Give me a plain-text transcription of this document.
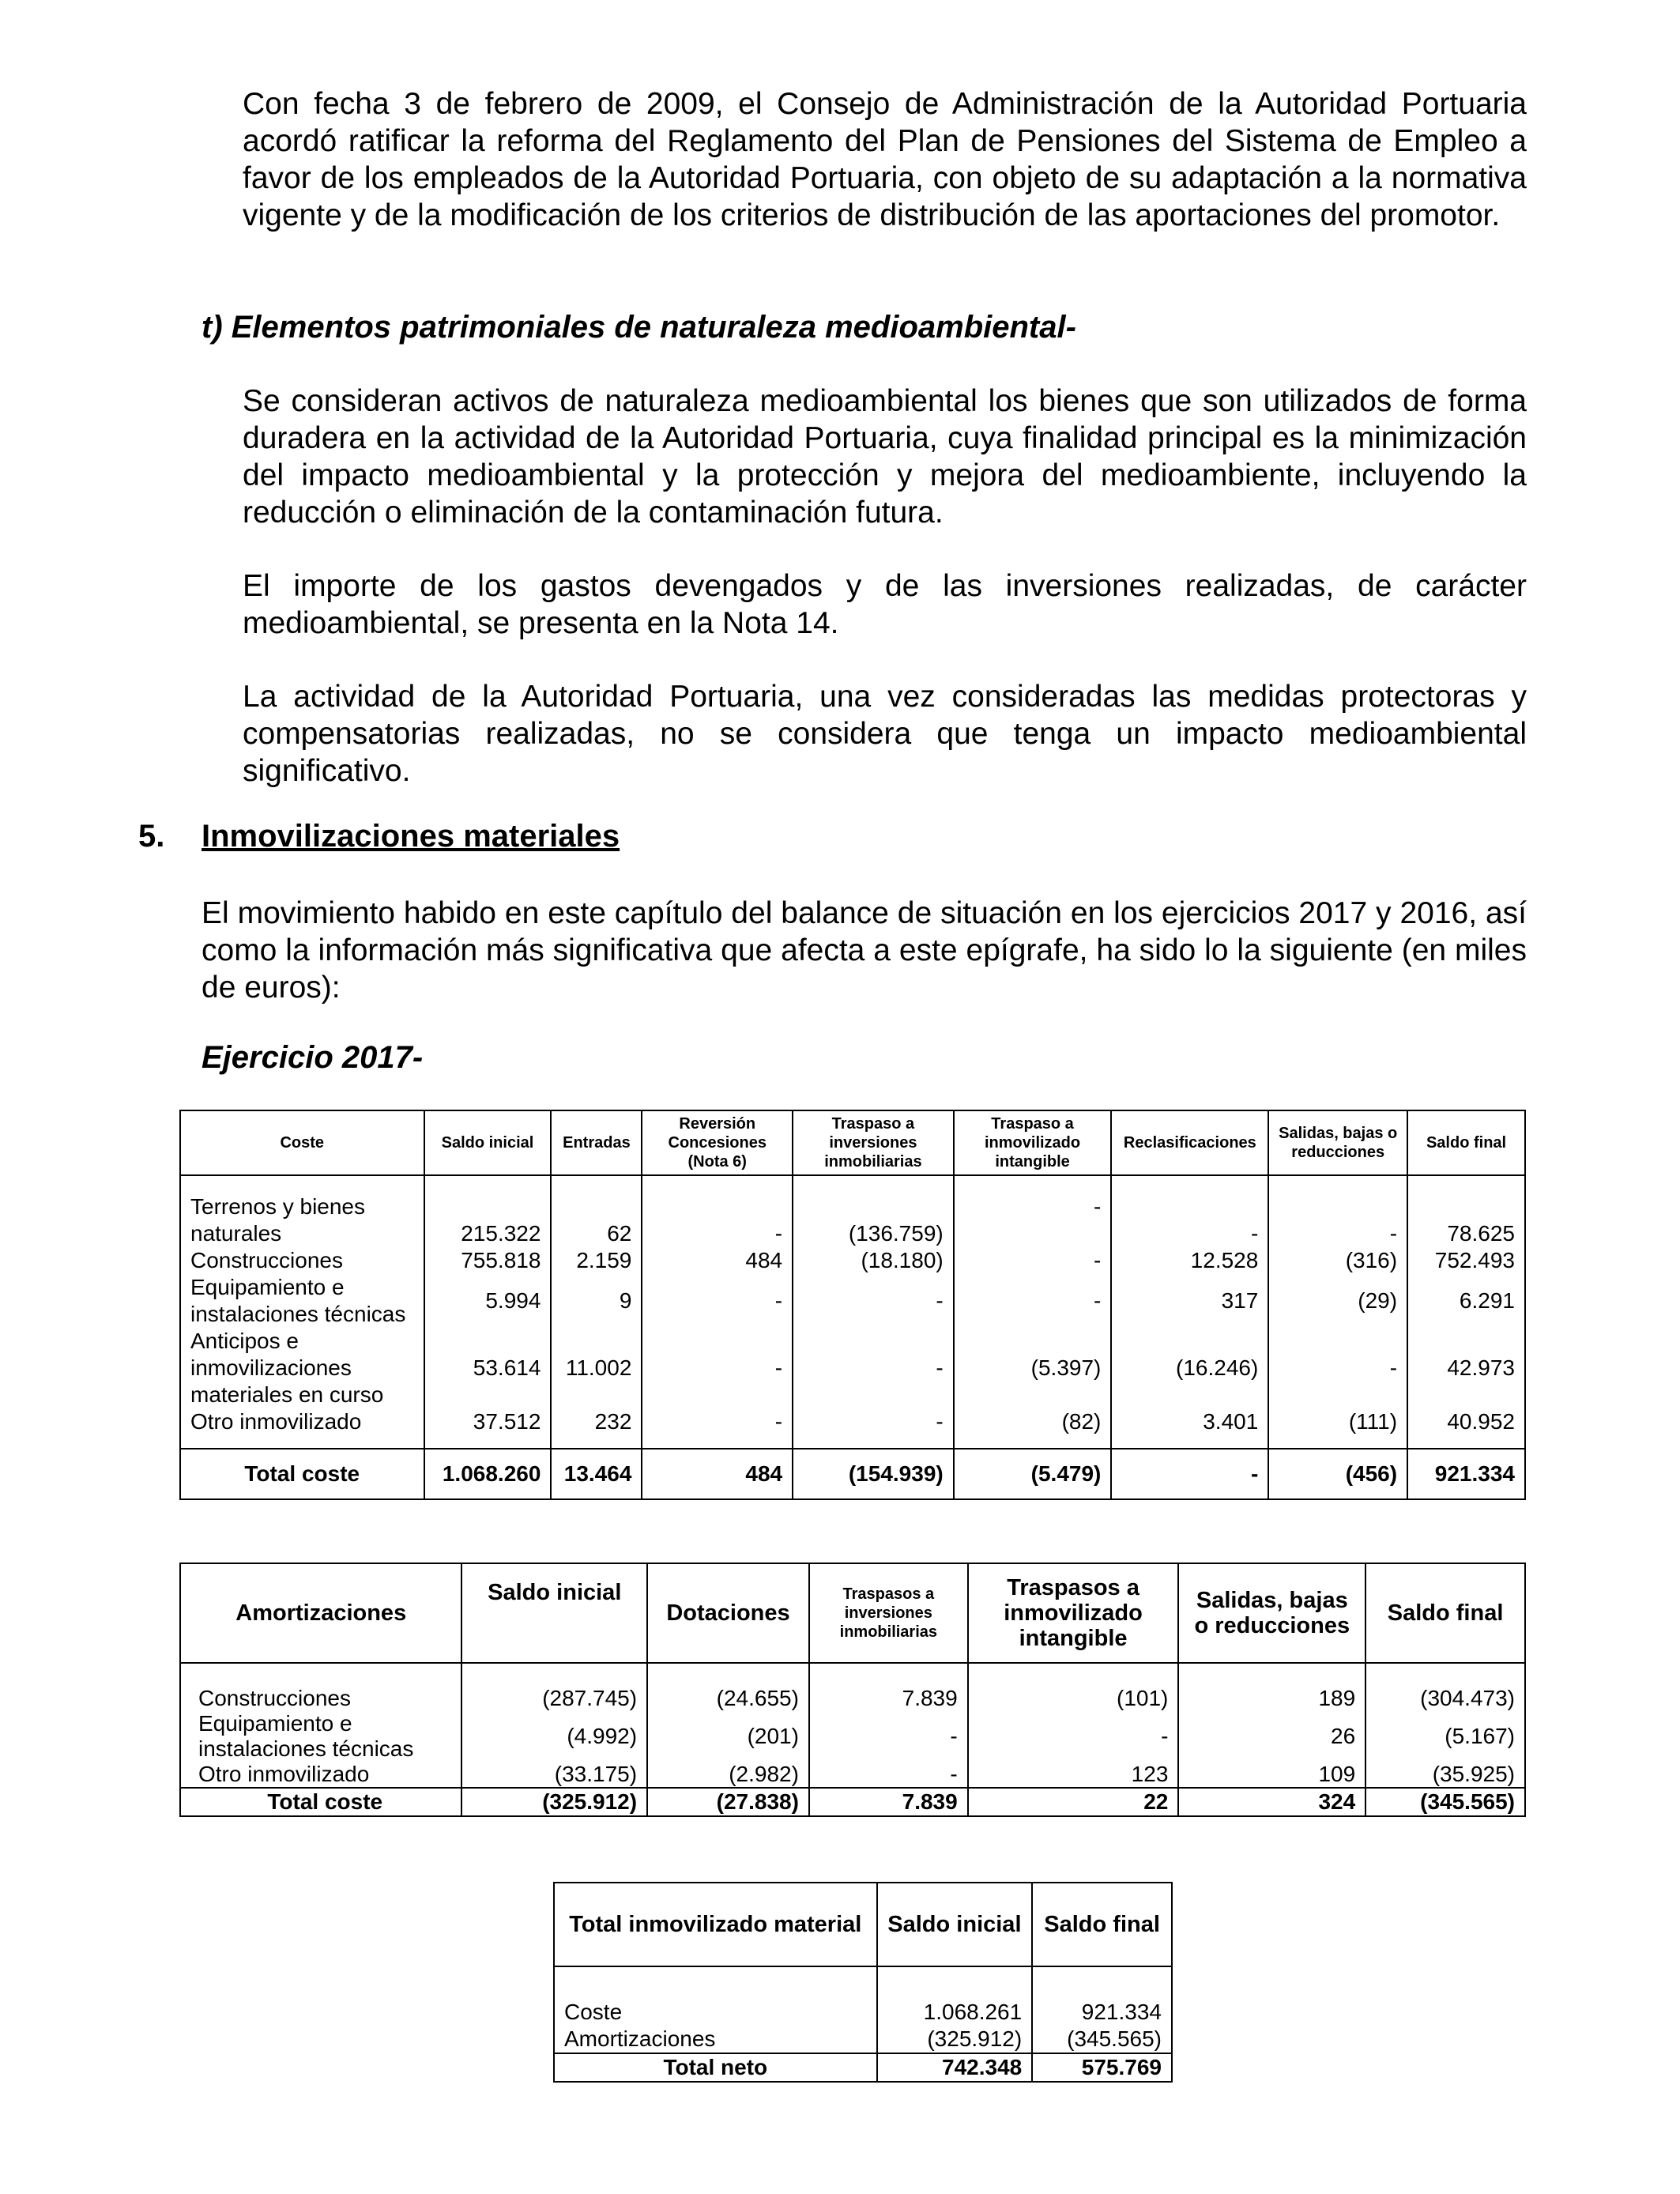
Con fecha 3 de febrero de 2009, el Consejo de Administración de la Autoridad Portuaria acordó ratificar la reforma del Reglamento del Plan de Pensiones del Sistema de Empleo a favor de los empleados de la Autoridad Portuaria, con objeto de su adaptación a la normativa vigente y de la modificación de los criterios de distribución de las aportaciones del promotor.

t) Elementos patrimoniales de naturaleza medioambiental-

Se consideran activos de naturaleza medioambiental los bienes que son utilizados de forma duradera en la actividad de la Autoridad Portuaria, cuya finalidad principal es la minimización del impacto medioambiental y la protección y mejora del medioambiente, incluyendo la reducción o eliminación de la contaminación futura.

El importe de los gastos devengados y de las inversiones realizadas, de carácter medioambiental, se presenta en la Nota 14.

La actividad de la Autoridad Portuaria, una vez consideradas las medidas protectoras y compensatorias realizadas, no se considera que tenga un impacto medioambiental significativo.

5. Inmovilizaciones materiales

El movimiento habido en este capítulo del balance de situación en los ejercicios 2017 y 2016, así como la información más significativa que afecta a este epígrafe, ha sido lo la siguiente (en miles de euros):

Ejercicio 2017-

Coste	Saldo inicial	Entradas	Reversión Concesiones (Nota 6)	Traspaso a inversiones inmobiliarias	Traspaso a inmovilizado intangible	Reclasificaciones	Salidas, bajas o reducciones	Saldo final

Terrenos y bienes naturales	215.322	62	-	(136.759)	-	-	-	78.625
Construcciones	755.818	2.159	484	(18.180)	-	12.528	(316)	752.493
Equipamiento e instalaciones técnicas	5.994	9	-	-	-	317	(29)	6.291
Anticipos e inmovilizaciones materiales en curso	53.614	11.002	-	-	(5.397)	(16.246)	-	42.973
Otro inmovilizado	37.512	232	-	-	(82)	3.401	(111)	40.952

Total coste	1.068.260	13.464	484	(154.939)	(5.479)	-	(456)	921.334
Amortizaciones	Saldo inicial	Dotaciones	Traspasos a inversiones inmobiliarias	Traspasos a inmovilizado intangible	Salidas, bajas o reducciones	Saldo final

Construcciones	(287.745)	(24.655)	7.839	(101)	189	(304.473)
Equipamiento e instalaciones técnicas	(4.992)	(201)	-	-	26	(5.167)
Otro inmovilizado	(33.175)	(2.982)	-	123	109	(35.925)
Total coste	(325.912)	(27.838)	7.839	22	324	(345.565)
Total inmovilizado material	Saldo inicial	Saldo final

Coste	1.068.261	921.334
Amortizaciones	(325.912)	(345.565)
Total neto	742.348	575.769
